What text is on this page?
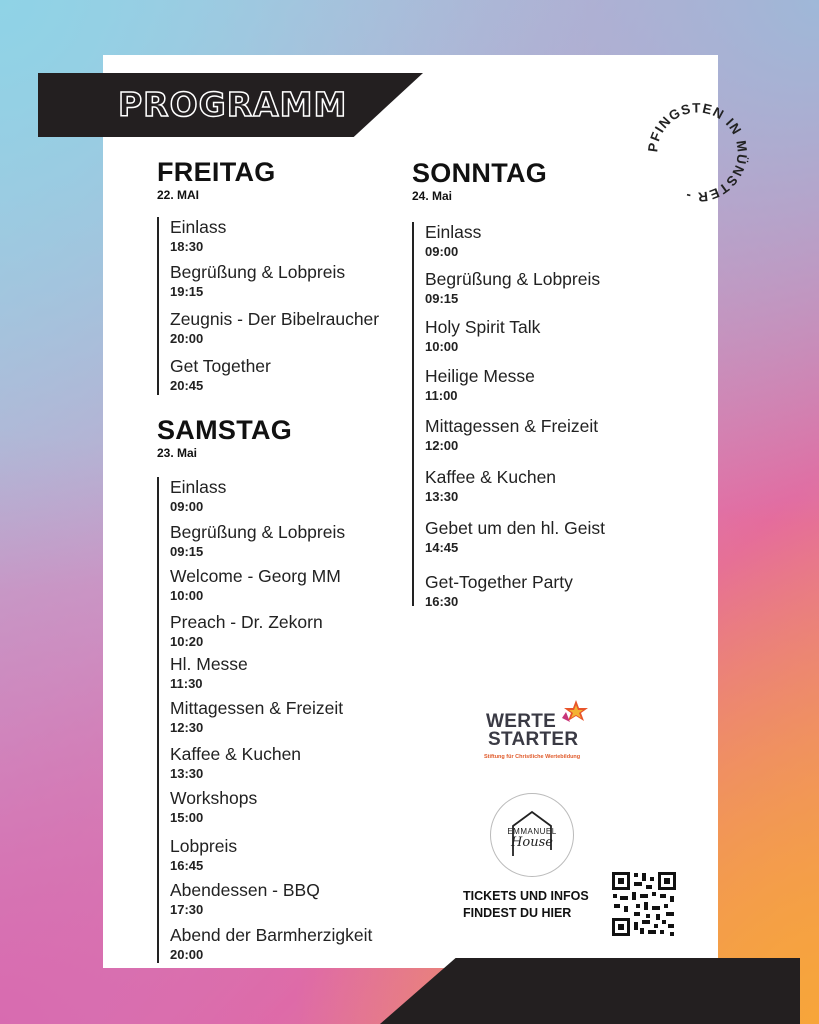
PROGRAMM
PFINGSTEN IN MÜNSTER -
FREITAG
22. MAI
Einlass
18:30
Begrüßung & Lobpreis
19:15
Zeugnis - Der Bibelraucher
20:00
Get Together
20:45
SAMSTAG
23. Mai
Einlass
09:00
Begrüßung & Lobpreis
09:15
Welcome - Georg MM
10:00
Preach - Dr. Zekorn
10:20
Hl. Messe
11:30
Mittagessen & Freizeit
12:30
Kaffee & Kuchen
13:30
Workshops
15:00
Lobpreis
16:45
Abendessen - BBQ
17:30
Abend der Barmherzigkeit
20:00
SONNTAG
24. Mai
Einlass
09:00
Begrüßung & Lobpreis
09:15
Holy Spirit Talk
10:00
Heilige Messe
11:00
Mittagessen & Freizeit
12:00
Kaffee & Kuchen
13:30
Gebet um den hl. Geist
14:45
Get-Together Party
16:30
WERTE
STARTER
Stiftung für Christliche Wertebildung
EMMANUEL
House
TICKETS UND INFOS
FINDEST DU HIER
